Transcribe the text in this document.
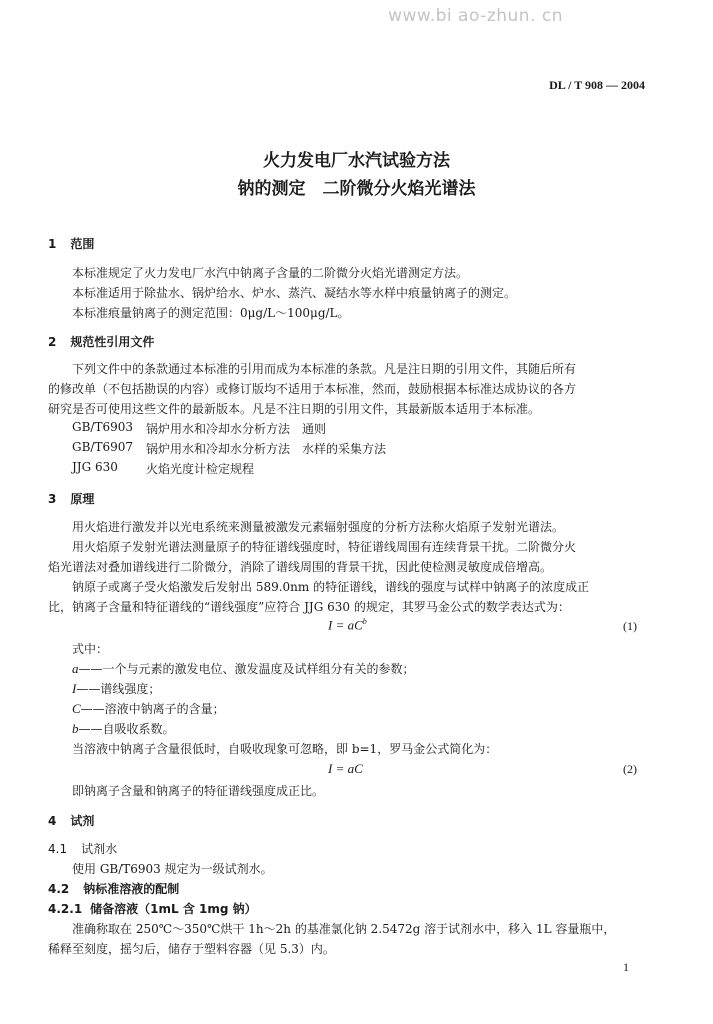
www.bi ao-zhun. cn
DL / T 908 — 2004
火力发电厂水汽试验方法
钠的测定　二阶微分火焰光谱法
1 范围
本标准规定了火力发电厂水汽中钠离子含量的二阶微分火焰光谱测定方法。
本标准适用于除盐水、锅炉给水、炉水、蒸汽、凝结水等水样中痕量钠离子的测定。
本标准痕量钠离子的测定范围：0μg/L～100μg/L。
2 规范性引用文件
下列文件中的条款通过本标准的引用而成为本标准的条款。凡是注日期的引用文件，其随后所有
的修改单（不包括勘误的内容）或修订版均不适用于本标准，然而，鼓励根据本标准达成协议的各方
研究是否可使用这些文件的最新版本。凡是不注日期的引用文件，其最新版本适用于本标准。
GB/T6903 锅炉用水和冷却水分析方法　通则
GB/T6907 锅炉用水和冷却水分析方法　水样的采集方法
JJG 630 火焰光度计检定规程
3 原理
用火焰进行激发并以光电系统来测量被激发元素辐射强度的分析方法称火焰原子发射光谱法。
用火焰原子发射光谱法测量原子的特征谱线强度时，特征谱线周围有连续背景干扰。二阶微分火
焰光谱法对叠加谱线进行二阶微分，消除了谱线周围的背景干扰，因此使检测灵敏度成倍增高。
钠原子或离子受火焰激发后发射出 589.0nm 的特征谱线，谱线的强度与试样中钠离子的浓度成正
比，钠离子含量和特征谱线的“谱线强度”应符合 JJG 630 的规定，其罗马金公式的数学表达式为：
$I = aC^b$	(1)
式中：
a——一个与元素的激发电位、激发温度及试样组分有关的参数；
I——谱线强度；
C——溶液中钠离子的含量；
b——自吸收系数。
当溶液中钠离子含量很低时，自吸收现象可忽略，即 b=1，罗马金公式简化为：
I = aC	(2)
即钠离子含量和钠离子的特征谱线强度成正比。
4 试剂
4.1 试剂水
使用 GB/T6903 规定为一级试剂水。
4.2 钠标准溶液的配制
4.2.1 储备溶液（1mL 含 1mg 钠）
准确称取在 250℃～350℃烘干 1h～2h 的基准氯化钠 2.5472g 溶于试剂水中，移入 1L 容量瓶中，
稀释至刻度，摇匀后，储存于塑料容器（见 5.3）内。
1
